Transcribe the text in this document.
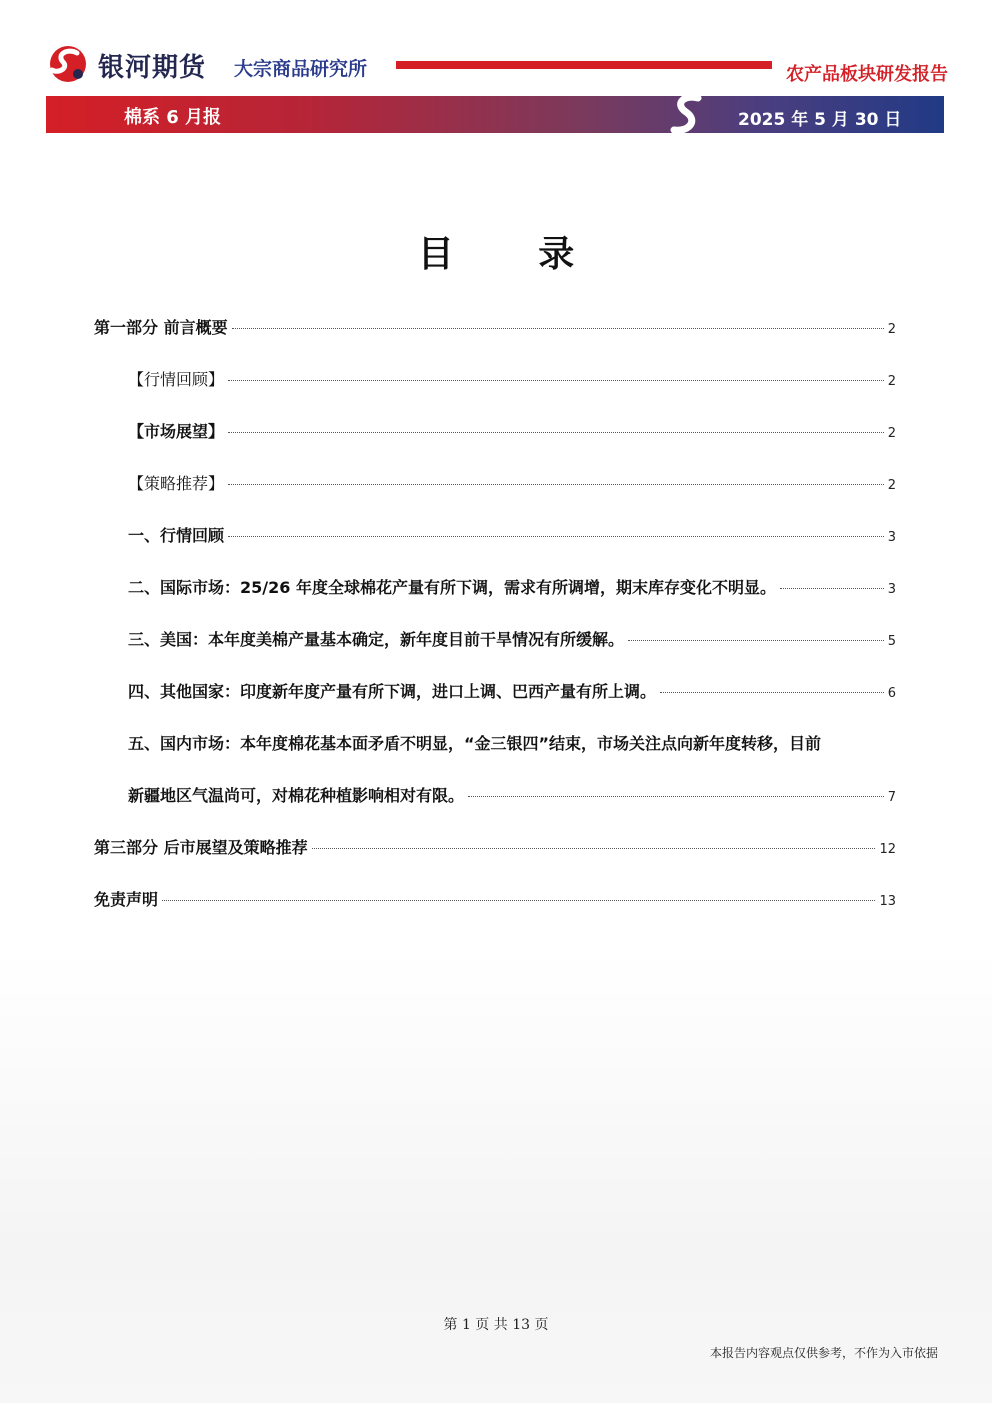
银河期货 大宗商品研究所	农产品板块研发报告
棉系 6 月报	2025 年 5 月 30 日
目 录
第一部分 前言概要	2
【行情回顾】	2
【市场展望】	2
【策略推荐】	2
一、行情回顾	3
二、国际市场：25/26 年度全球棉花产量有所下调，需求有所调增，期末库存变化不明显。	3
三、美国：本年度美棉产量基本确定，新年度目前干旱情况有所缓解。	5
四、其他国家：印度新年度产量有所下调，进口上调、巴西产量有所上调。	6
五、国内市场：本年度棉花基本面矛盾不明显，“金三银四”结束，市场关注点向新年度转移，目前
新疆地区气温尚可，对棉花种植影响相对有限。	7
第三部分 后市展望及策略推荐	12
免责声明	13
第 1 页 共 13 页
本报告内容观点仅供参考，不作为入市依据
